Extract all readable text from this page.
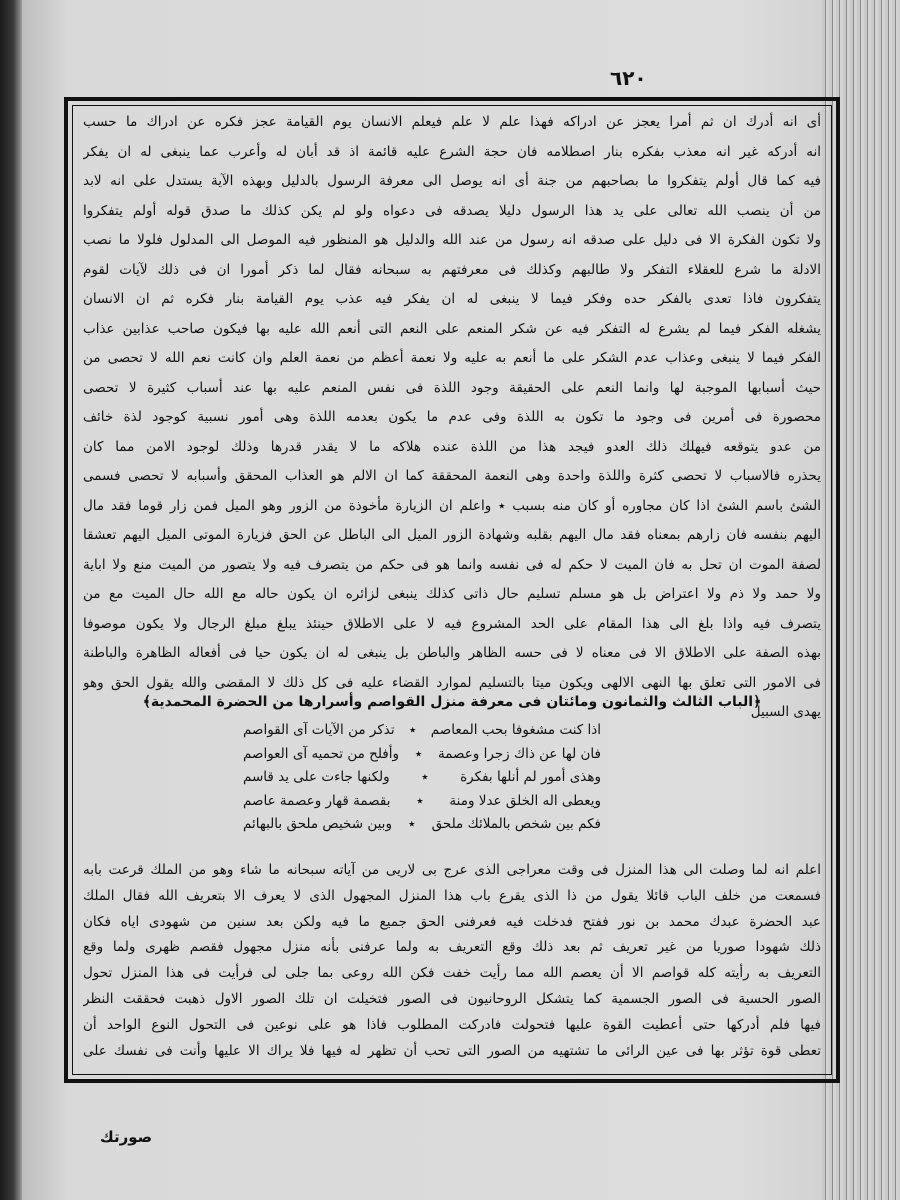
٦٢٠
أى انه أدرك ان ثم أمرا يعجز عن ادراكه فهذا علم لا علم فيعلم الانسان يوم القيامة عجز فكره عن ادراك ما حسب
انه أدركه غير انه معذب بفكره بنار اصطلامه فان حجة الشرع عليه قائمة اذ قد أبان له وأعرب عما ينبغى له ان يفكر
فيه كما قال أولم يتفكروا ما بصاحبهم من جنة أى انه يوصل الى معرفة الرسول بالدليل وبهذه الآية يستدل على انه لابد
من أن ينصب الله تعالى على يد هذا الرسول دليلا يصدقه فى دعواه ولو لم يكن كذلك ما صدق قوله أولم يتفكروا
ولا تكون الفكرة الا فى دليل على صدقه انه رسول من عند الله والدليل هو المنظور فيه الموصل الى المدلول فلولا ما نصب
الادلة ما شرع للعقلاء التفكر ولا طالبهم وكذلك فى معرفتهم به سبحانه فقال لما ذكر أمورا ان فى ذلك لآيات لقوم
يتفكرون فاذا تعدى بالفكر حده وفكر فيما لا ينبغى له ان يفكر فيه عذب يوم القيامة بنار فكره ثم ان الانسان
يشغله الفكر فيما لم يشرع له التفكر فيه عن شكر المنعم على النعم التى أنعم الله عليه بها فيكون صاحب عذابين عذاب
الفكر فيما لا ينبغى وعذاب عدم الشكر على ما أنعم به عليه ولا نعمة أعظم من نعمة العلم وان كانت نعم الله لا تحصى من
حيث أسبابها الموجبة لها وانما النعم على الحقيقة وجود اللذة فى نفس المنعم عليه بها عند أسباب كثيرة لا تحصى
محصورة فى أمرين فى وجود ما تكون به اللذة وفى عدم ما يكون بعدمه اللذة وهى أمور نسبية كوجود لذة خائف
من عدو يتوقعه فيهلك ذلك العدو فيجد هذا من اللذة عنده هلاكه ما لا يقدر قدرها وذلك لوجود الامن مما كان
يحذره فالاسباب لا تحصى كثرة واللذة واحدة وهى النعمة المحققة كما ان الالم هو العذاب المحقق وأسبابه لا تحصى فسمى
الشئ باسم الشئ اذا كان مجاوره أو كان منه بسبب ٭ واعلم ان الزيارة مأخوذة من الزور وهو الميل فمن زار قوما فقد مال
اليهم بنفسه فان زارهم بمعناه فقد مال اليهم بقلبه وشهادة الزور الميل الى الباطل عن الحق فزيارة الموتى الميل اليهم تعشقا
لصفة الموت ان تحل به فان الميت لا حكم له فى نفسه وانما هو فى حكم من يتصرف فيه ولا يتصور من الميت منع ولا اباية
ولا حمد ولا ذم ولا اعتراض بل هو مسلم تسليم حال ذاتى كذلك ينبغى لزائره ان يكون حاله مع الله حال الميت مع من
يتصرف فيه واذا بلغ الى هذا المقام على الحد المشروع فيه لا على الاطلاق حينئذ يبلغ مبلغ الرجال ولا يكون موصوفا
بهذه الصفة على الاطلاق الا فى معناه لا فى حسه الظاهر والباطن بل ينبغى له ان يكون حيا فى أفعاله الظاهرة والباطنة
فى الامور التى تعلق بها النهى الالهى ويكون ميتا بالتسليم لموارد القضاء عليه فى كل ذلك لا المقضى والله يقول الحق وهو
يهدى السبيل
﴿الباب الثالث والثمانون ومائتان فى معرفة منزل القواصم وأسرارها من الحضرة المحمدية﴾
اذا كنت مشغوفا بحب المعاصم
٭
تذكر من الآيات آى القواصم
فان لها عن ذاك زجرا وعصمة
٭
وأفلح من تحميه آى العواصم
وهذى أمور لم أنلها بفكرة
٭
ولكنها جاءت على يد قاسم
ويعطى اله الخلق عدلا ومنة
٭
بقصمة قهار وعصمة عاصم
فكم بين شخص بالملائك ملحق
٭
وبين شخيص ملحق بالبهائم
اعلم انه لما وصلت الى هذا المنزل فى وقت معراجى الذى عرج بى لاريى من آياته سبحانه ما شاء وهو من الملك قرعت بابه
فسمعت من خلف الباب قائلا يقول من ذا الذى يقرع باب هذا المنزل المجهول الذى لا يعرف الا بتعريف الله فقال الملك
عبد الحضرة عبدك محمد بن نور ففتح فدخلت فيه فعرفنى الحق جميع ما فيه ولكن بعد سنين من شهودى اياه فكان
ذلك شهودا صوريا من غير تعريف ثم بعد ذلك وقع التعريف به ولما عرفنى بأنه منزل مجهول فقصم ظهرى ولما وقع
التعريف به رأيته كله قواصم الا أن يعصم الله مما رأيت خفت فكن الله روعى بما جلى لى فرأيت فى هذا المنزل تحول
الصور الحسية فى الصور الجسمية كما يتشكل الروحانيون فى الصور فتخيلت ان تلك الصور الاول ذهبت فحققت النظر
فيها فلم أدركها حتى أعطيت القوة عليها فتحولت فادركت المطلوب فاذا هو على نوعين فى التحول النوع الواحد أن
تعطى قوة تؤثر بها فى عين الرائى ما تشتهيه من الصور التى تحب أن تظهر له فيها فلا يراك الا عليها وأنت فى نفسك على
صورتك
